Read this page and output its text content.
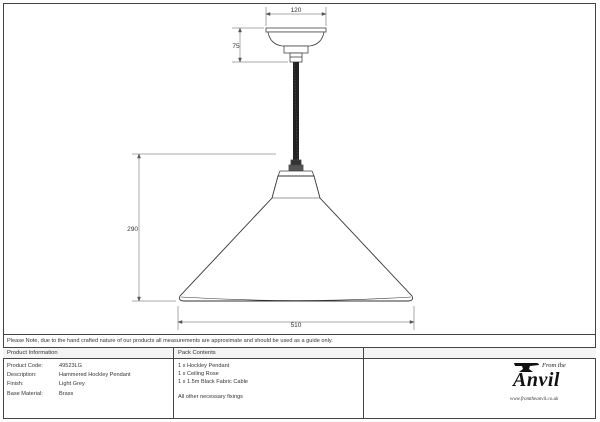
120
75
290
510
Please Note, due to the hand crafted nature of our products all measurements are approximate and should be used as a guide only.
Product Information
Product Code:	49523LG
Description:	Hammered Hockley Pendant
Finish:	Light Grey
Base Material:	Brass
Pack Contents
1 x Hockley Pendant
1 x Ceiling Rose
1 x 1.5m Black Fabric Cable
All other necessary fixings
From the
Anvil
www.fromtheanvil.co.uk
